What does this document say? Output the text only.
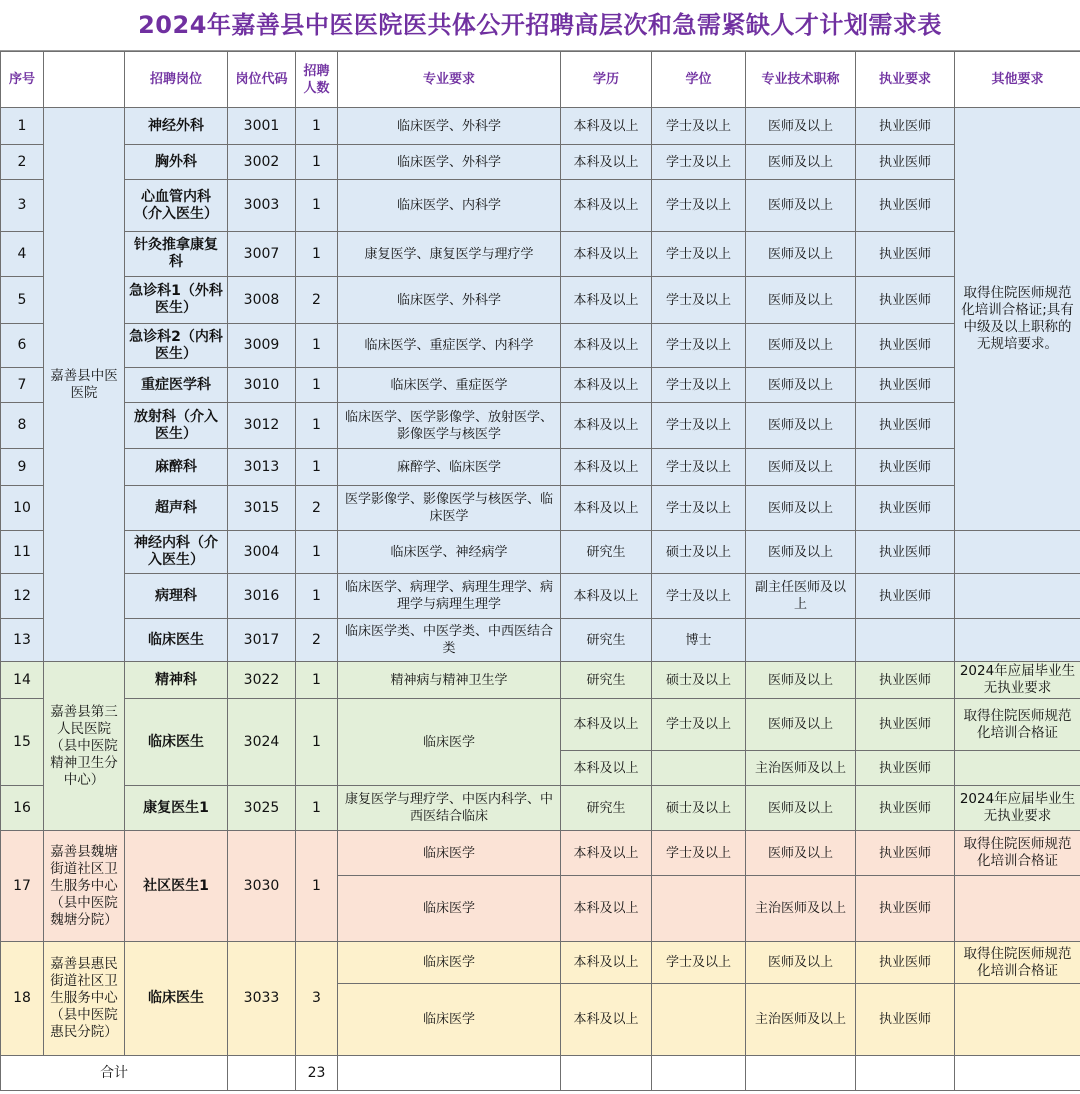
2024年嘉善县中医医院医共体公开招聘高层次和急需紧缺人才计划需求表
序号		招聘岗位	岗位代码	招聘人数	专业要求	学历	学位	专业技术职称	执业要求	其他要求
1	嘉善县中医医院	神经外科	3001	1	临床医学、外科学	本科及以上	学士及以上	医师及以上	执业医师	取得住院医师规范化培训合格证;具有中级及以上职称的无规培要求。
2		胸外科	3002	1	临床医学、外科学	本科及以上	学士及以上	医师及以上	执业医师	
3		心血管内科（介入医生）	3003	1	临床医学、内科学	本科及以上	学士及以上	医师及以上	执业医师	
4		针灸推拿康复科	3007	1	康复医学、康复医学与理疗学	本科及以上	学士及以上	医师及以上	执业医师	
5		急诊科1（外科医生）	3008	2	临床医学、外科学	本科及以上	学士及以上	医师及以上	执业医师	
6		急诊科2（内科医生）	3009	1	临床医学、重症医学、内科学	本科及以上	学士及以上	医师及以上	执业医师	
7		重症医学科	3010	1	临床医学、重症医学	本科及以上	学士及以上	医师及以上	执业医师	
8		放射科（介入医生）	3012	1	临床医学、医学影像学、放射医学、影像医学与核医学	本科及以上	学士及以上	医师及以上	执业医师	
9		麻醉科	3013	1	麻醉学、临床医学	本科及以上	学士及以上	医师及以上	执业医师	
10		超声科	3015	2	医学影像学、影像医学与核医学、临床医学	本科及以上	学士及以上	医师及以上	执业医师	
11		神经内科（介入医生）	3004	1	临床医学、神经病学	研究生	硕士及以上	医师及以上	执业医师	
12		病理科	3016	1	临床医学、病理学、病理生理学、病理学与病理生理学	本科及以上	学士及以上	副主任医师及以上	执业医师	
13		临床医生	3017	2	临床医学类、中医学类、中西医结合类	研究生	博士			
14	嘉善县第三人民医院（县中医院精神卫生分中心）	精神科	3022	1	精神病与精神卫生学	研究生	硕士及以上	医师及以上	执业医师	2024年应届毕业生无执业要求
15		临床医生	3024	1	临床医学	本科及以上	学士及以上	医师及以上	执业医师	取得住院医师规范化培训合格证
						本科及以上		主治医师及以上	执业医师	
16		康复医生1	3025	1	康复医学与理疗学、中医内科学、中西医结合临床	研究生	硕士及以上	医师及以上	执业医师	2024年应届毕业生无执业要求
17	嘉善县魏塘街道社区卫生服务中心（县中医院魏塘分院）	社区医生1	3030	1	临床医学	本科及以上	学士及以上	医师及以上	执业医师	取得住院医师规范化培训合格证
					临床医学	本科及以上		主治医师及以上	执业医师	
18	嘉善县惠民街道社区卫生服务中心（县中医院惠民分院）	临床医生	3033	3	临床医学	本科及以上	学士及以上	医师及以上	执业医师	取得住院医师规范化培训合格证
					临床医学	本科及以上		主治医师及以上	执业医师	
合计				23						
